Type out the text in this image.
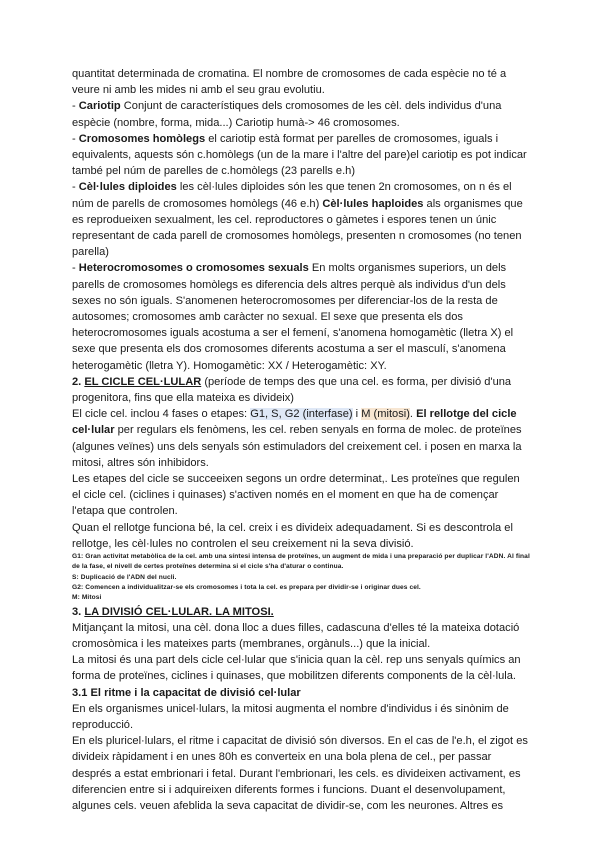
quantitat determinada de cromatina. El nombre de cromosomes de cada espècie no té a veure ni amb les mides ni amb el seu grau evolutiu.

- Cariotip Conjunt de característiques dels cromosomes de les cèl. dels individus d'una espècie (nombre, forma, mida...) Cariotip humà-> 46 cromosomes.

- Cromosomes homòlegs el cariotip està format per parelles de cromosomes, iguals i equivalents, aquests són c.homòlegs (un de la mare i l'altre del pare)el cariotip es pot indicar també pel núm de parelles de c.homòlegs (23 parells e.h)

- Cèl·lules diploides les cèl·lules diploides són les que tenen 2n cromosomes, on n és el núm de parells de cromosomes homòlegs (46 e.h) Cèl·lules haploides als organismes que es reprodueixen sexualment, les cel. reproductores o gàmetes i espores tenen un únic representant de cada parell de cromosomes homòlegs, presenten n cromosomes (no tenen parella)

- Heterocromosomes o cromosomes sexuals En molts organismes superiors, un dels parells de cromosomes homòlegs es diferencia dels altres perquè als individus d'un dels sexes no són iguals. S'anomenen heterocromosomes per diferenciar-los de la resta de autosomes; cromosomes amb caràcter no sexual. El sexe que presenta els dos heterocromosomes iguals acostuma a ser el femení, s'anomena homogamètic (lletra X) el sexe que presenta els dos cromosomes diferents acostuma a ser el masculí, s'anomena heterogamètic (lletra Y). Homogamètic: XX / Heterogamètic: XY.

2. EL CICLE CEL·LULAR (període de temps des que una cel. es forma, per divisió d'una progenitora, fins que ella mateixa es divideix)

El cicle cel. inclou 4 fases o etapes: G1, S, G2 (interfase) i M (mitosi). El rellotge del cicle cel·lular per regulars els fenòmens, les cel. reben senyals en forma de molec. de proteïnes (algunes veïnes) uns dels senyals són estimuladors del creixement cel. i posen en marxa la mitosi, altres són inhibidors.

Les etapes del cicle se succeeixen segons un ordre determinat,. Les proteïnes que regulen el cicle cel. (ciclines i quinases) s'activen només en el moment en que ha de començar l'etapa que controlen.

Quan el rellotge funciona bé, la cel. creix i es divideix adequadament. Si es descontrola el rellotge, les cèl·lules no controlen el seu creixement ni la seva divisió.

G1: Gran activitat metabòlica de la cel. amb una síntesi intensa de proteïnes, un augment de mida i una preparació per duplicar l'ADN. Al final de la fase, el nivell de certes proteïnes determina si el cicle s'ha d'aturar o continua.

S: Duplicació de l'ADN del nucli.

G2: Comencen a individualitzar-se els cromosomes i tota la cel. es prepara per dividir-se i originar dues cel.

M: Mitosi

3. LA DIVISIÓ CEL·LULAR. LA MITOSI.

Mitjançant la mitosi, una cèl. dona lloc a dues filles, cadascuna d'elles té la mateixa dotació cromosòmica i les mateixes parts (membranes, orgànuls...) que la inicial.

La mitosi és una part dels cicle cel·lular que s'inicia quan la cèl. rep uns senyals químics an forma de proteïnes, ciclines i quinases, que mobilitzen diferents components de la cèl·lula.

3.1 El ritme i la capacitat de divisió cel·lular

En els organismes unicel·lulars, la mitosi augmenta el nombre d'individus i és sinònim de reproducció.

En els pluricel·lulars, el ritme i capacitat de divisió són diversos. En el cas de l'e.h, el zigot es divideix ràpidament i en unes 80h es converteix en una bola plena de cel., per passar després a estat embrionari i fetal. Durant l'embrionari, les cels. es divideixen activament, es diferencien entre si i adquireixen diferents formes i funcions. Duant el desenvolupament, algunes cels. veuen afeblida la seva capacitat de dividir-se, com les neurones. Altres es
